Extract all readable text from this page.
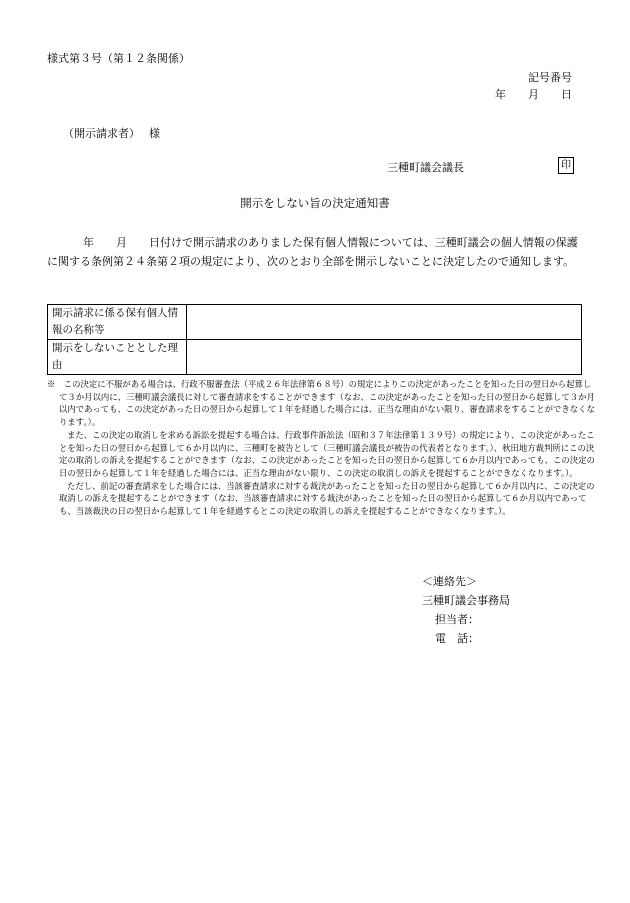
様式第３号（第１２条関係）
記号番号
年　　月　　日
（開示請求者）　 様
三種町議会議長	印
開示をしない旨の決定通知書

年　　月　　日付けで開示請求のありました保有個人情報については、三種町議会の個人情報の保護に関する条例第２４条第２項の規定により、次のとおり全部を開示しないことに決定したので通知します。

開示請求に係る保有個人情報の名称等	
開示をしないこととした理由	

※　 この決定に不服がある場合は、行政不服審査法（平成２６年法律第６８号）の規定によりこの決定があったことを知った日の翌日から起算して３か月以内に、三種町議会議長に対して審査請求をすることができます（なお、この決定があったことを知った日の翌日から起算して３か月以内であっても、この決定があった日の翌日から起算して１年を経過した場合には、正当な理由がない限り、審査請求をすることができなくなります。）。

また、この決定の取消しを求める訴訟を提起する場合は、行政事件訴訟法（昭和３７年法律第１３９号）の規定により、この決定があったことを知った日の翌日から起算して６か月以内に、三種町を被告として（三種町議会議長が被告の代表者となります。）、秋田地方裁判所にこの決定の取消しの訴えを提起することができます（なお、この決定があったことを知った日の翌日から起算して６か月以内であっても、この決定の日の翌日から起算して１年を経過した場合には、正当な理由がない限り、この決定の取消しの訴えを提起することができなくなります。）。

ただし、前記の審査請求をした場合には、当該審査請求に対する裁決があったことを知った日の翌日から起算して６か月以内に、この決定の取消しの訴えを提起することができます（なお、当該審査請求に対する裁決があったことを知った日の翌日から起算して６か月以内であっても、当該裁決の日の翌日から起算して１年を経過するとこの決定の取消しの訴えを提起することができなくなります。）。

＜連絡先＞
三種町議会事務局
担当者：
電　話：
